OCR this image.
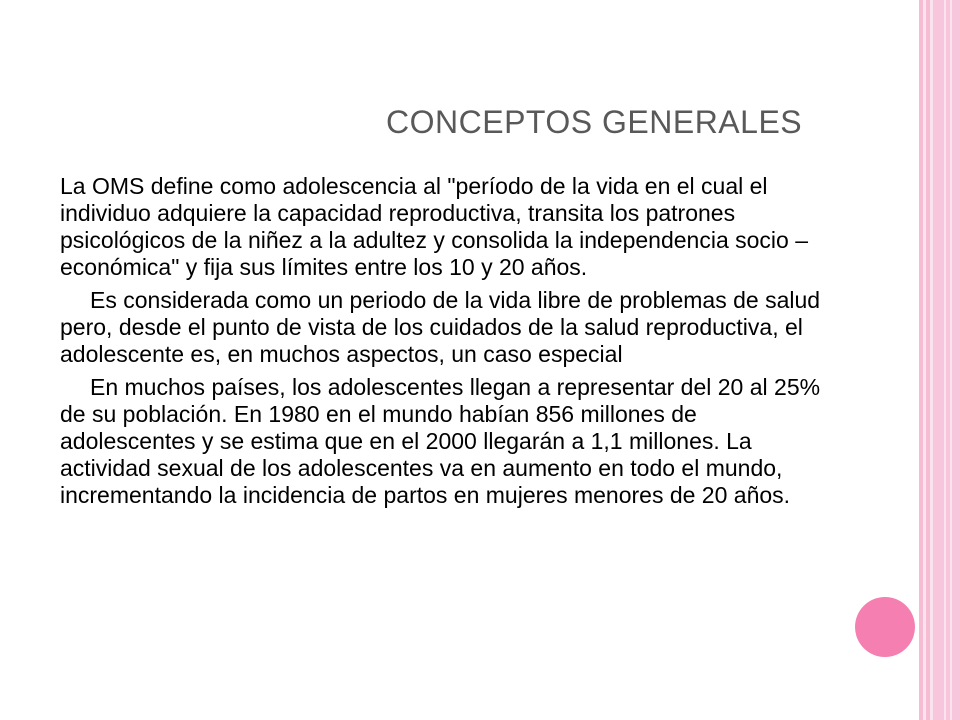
CONCEPTOS GENERALES

La OMS define como adolescencia al "período de la vida en el cual el individuo adquiere la capacidad reproductiva, transita los patrones psicológicos de la niñez a la adultez y consolida la independencia socio – económica" y fija sus límites entre los 10 y 20 años.

Es considerada como un periodo de la vida libre de problemas de salud pero, desde el punto de vista de los cuidados de la salud reproductiva, el adolescente es, en muchos aspectos, un caso especial

En muchos países, los adolescentes llegan a representar del 20 al 25% de su población. En 1980 en el mundo habían 856 millones de adolescentes y se estima que en el 2000 llegarán a 1,1 millones. La actividad sexual de los adolescentes va en aumento en todo el mundo, incrementando la incidencia de partos en mujeres menores de 20 años.
